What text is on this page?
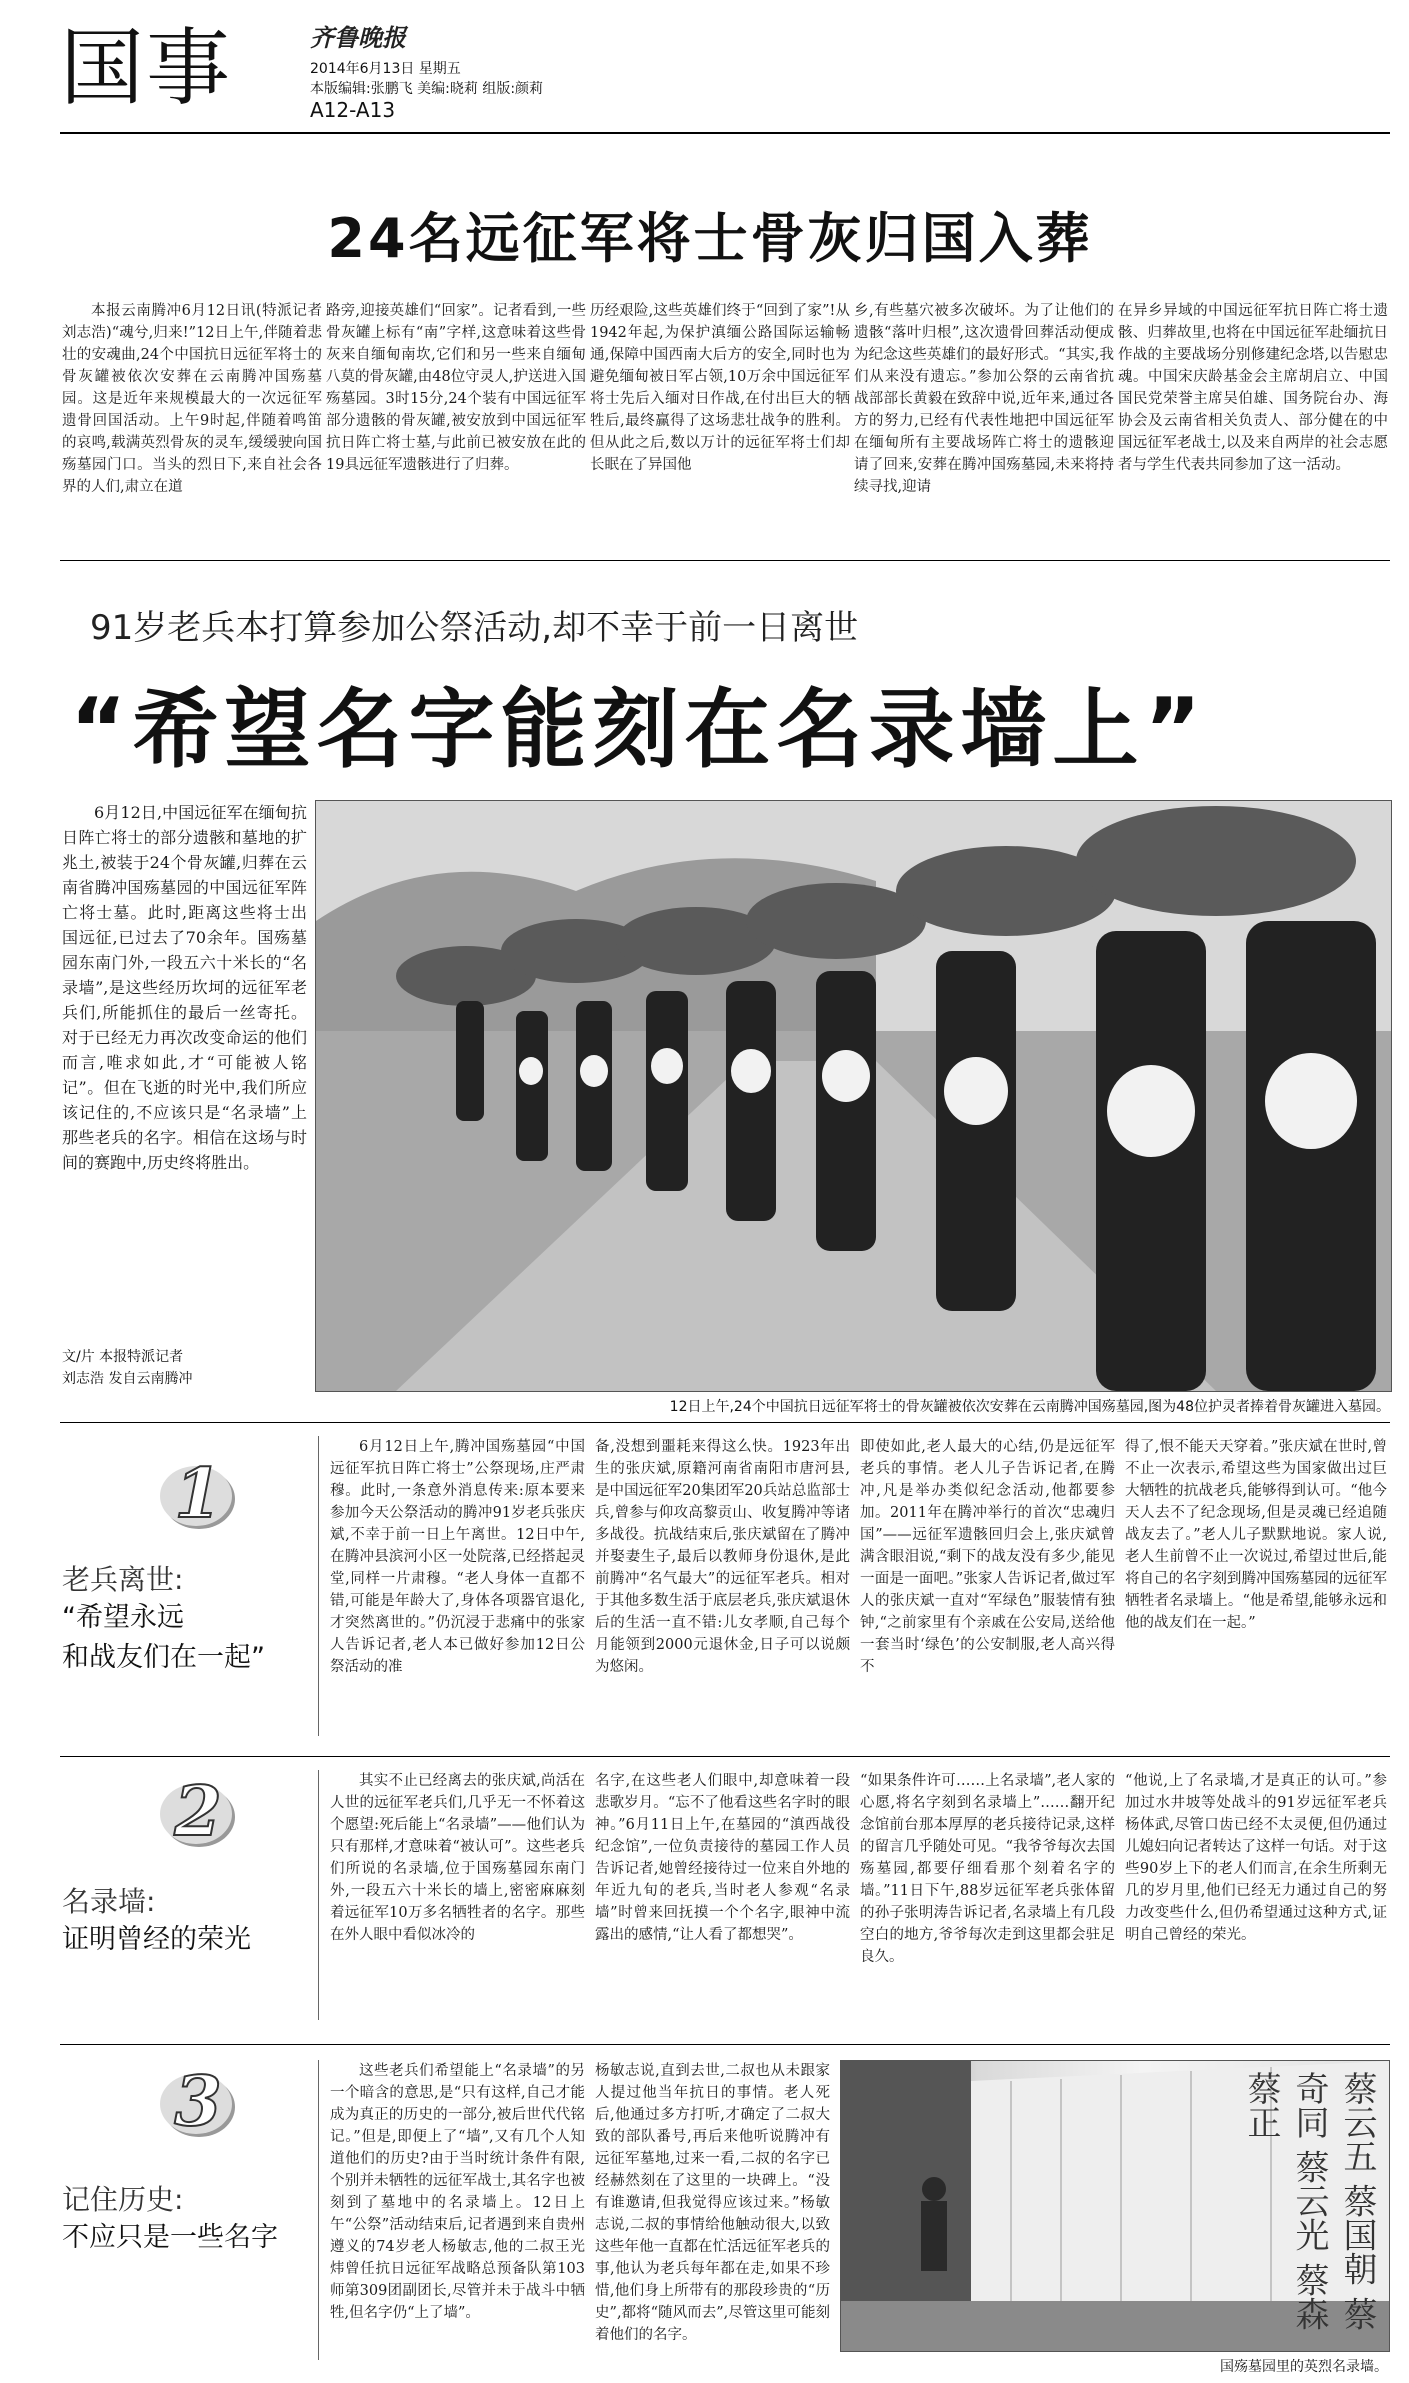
国事	齐鲁晚报
2014年6月13日 星期五
本版编辑:张鹏飞 美编:晓莉 组版:颜莉
A12-A13
24名远征军将士骨灰归国入葬
本报云南腾冲6月12日讯(特派记者 刘志浩)“魂兮,归来!”12日上午,伴随着悲壮的安魂曲,24个中国抗日远征军将士的骨灰罐被依次安葬在云南腾冲国殇墓园。这是近年来规模最大的一次远征军遗骨回国活动。上午9时起,伴随着鸣笛的哀鸣,载满英烈骨灰的灵车,缓缓驶向国殇墓园门口。当头的烈日下,来自社会各界的人们,肃立在道
路旁,迎接英雄们“回家”。记者看到,一些骨灰罐上标有“南”字样,这意味着这些骨灰来自缅甸南坎,它们和另一些来自缅甸八莫的骨灰罐,由48位守灵人,护送进入国殇墓园。3时15分,24个装有中国远征军部分遗骸的骨灰罐,被安放到中国远征军抗日阵亡将士墓,与此前已被安放在此的19具远征军遗骸进行了归葬。
历经艰险,这些英雄们终于“回到了家”!从1942年起,为保护滇缅公路国际运输畅通,保障中国西南大后方的安全,同时也为避免缅甸被日军占领,10万余中国远征军将士先后入缅对日作战,在付出巨大的牺牲后,最终赢得了这场悲壮战争的胜利。但从此之后,数以万计的远征军将士们却长眠在了异国他
乡,有些墓穴被多次破坏。为了让他们的遗骸“落叶归根”,这次遗骨回葬活动便成为纪念这些英雄们的最好形式。“其实,我们从来没有遗忘。”参加公祭的云南省抗战部部长黄毅在致辞中说,近年来,通过各方的努力,已经有代表性地把中国远征军在缅甸所有主要战场阵亡将士的遗骸迎请了回来,安葬在腾冲国殇墓园,未来将持续寻找,迎请
在异乡异域的中国远征军抗日阵亡将士遗骸、归葬故里,也将在中国远征军赴缅抗日作战的主要战场分别修建纪念塔,以告慰忠魂。中国宋庆龄基金会主席胡启立、中国国民党荣誉主席吴伯雄、国务院台办、海协会及云南省相关负责人、部分健在的中国远征军老战士,以及来自两岸的社会志愿者与学生代表共同参加了这一活动。
91岁老兵本打算参加公祭活动,却不幸于前一日离世
“希望名字能刻在名录墙上”
6月12日,中国远征军在缅甸抗日阵亡将士的部分遗骸和墓地的扩兆土,被装于24个骨灰罐,归葬在云南省腾冲国殇墓园的中国远征军阵亡将士墓。此时,距离这些将士出国远征,已过去了70余年。国殇墓园东南门外,一段五六十米长的“名录墙”,是这些经历坎坷的远征军老兵们,所能抓住的最后一丝寄托。对于已经无力再次改变命运的他们而言,唯求如此,才“可能被人铭记”。但在飞逝的时光中,我们所应该记住的,不应该只是“名录墙”上那些老兵的名字。相信在这场与时间的赛跑中,历史终将胜出。
文/片 本报特派记者
刘志浩 发自云南腾冲
12日上午,24个中国抗日远征军将士的骨灰罐被依次安葬在云南腾冲国殇墓园,图为48位护灵者捧着骨灰罐进入墓园。
1
老兵离世:
“希望永远
和战友们在一起”
6月12日上午,腾冲国殇墓园“中国远征军抗日阵亡将士”公祭现场,庄严肃穆。此时,一条意外消息传来:原本要来参加今天公祭活动的腾冲91岁老兵张庆斌,不幸于前一日上午离世。12日中午,在腾冲县滨河小区一处院落,已经搭起灵堂,同样一片肃穆。“老人身体一直都不错,可能是年龄大了,身体各项器官退化,才突然离世的。”仍沉浸于悲痛中的张家人告诉记者,老人本已做好参加12日公祭活动的准
备,没想到噩耗来得这么快。1923年出生的张庆斌,原籍河南省南阳市唐河县,是中国远征军20集团军20兵站总监部士兵,曾参与仰攻高黎贡山、收复腾冲等诸多战役。抗战结束后,张庆斌留在了腾冲并娶妻生子,最后以教师身份退休,是此前腾冲“名气最大”的远征军老兵。相对于其他多数生活于底层老兵,张庆斌退休后的生活一直不错:儿女孝顺,自己每个月能领到2000元退休金,日子可以说颇为悠闲。
即使如此,老人最大的心结,仍是远征军老兵的事情。老人儿子告诉记者,在腾冲,凡是举办类似纪念活动,他都要参加。2011年在腾冲举行的首次“忠魂归国”——远征军遗骸回归会上,张庆斌曾满含眼泪说,“剩下的战友没有多少,能见一面是一面吧。”张家人告诉记者,做过军人的张庆斌一直对“军绿色”服装情有独钟,“之前家里有个亲戚在公安局,送给他一套当时‘绿色’的公安制服,老人高兴得不
得了,恨不能天天穿着。”张庆斌在世时,曾不止一次表示,希望这些为国家做出过巨大牺牲的抗战老兵,能够得到认可。“他今天人去不了纪念现场,但是灵魂已经追随战友去了。”老人儿子默默地说。家人说,老人生前曾不止一次说过,希望过世后,能将自己的名字刻到腾冲国殇墓园的远征军牺牲者名录墙上。“他是希望,能够永远和他的战友们在一起。”
2
名录墙:
证明曾经的荣光
其实不止已经离去的张庆斌,尚活在人世的远征军老兵们,几乎无一不怀着这个愿望:死后能上“名录墙”——他们认为只有那样,才意味着“被认可”。这些老兵们所说的名录墙,位于国殇墓园东南门外,一段五六十米长的墙上,密密麻麻刻着远征军10万多名牺牲者的名字。那些在外人眼中看似冰冷的
名字,在这些老人们眼中,却意味着一段悲歌岁月。“忘不了他看这些名字时的眼神。”6月11日上午,在墓园的“滇西战役纪念馆”,一位负责接待的墓园工作人员告诉记者,她曾经接待过一位来自外地的年近九旬的老兵,当时老人参观“名录墙”时曾来回抚摸一个个名字,眼神中流露出的感情,“让人看了都想哭”。
“如果条件许可……上名录墙”,老人家的心愿,将名字刻到名录墙上”……翻开纪念馆前台那本厚厚的老兵接待记录,这样的留言几乎随处可见。“我爷爷每次去国殇墓园,都要仔细看那个刻着名字的墙。”11日下午,88岁远征军老兵张体留的孙子张明涛告诉记者,名录墙上有几段空白的地方,爷爷每次走到这里都会驻足良久。
“他说,上了名录墙,才是真正的认可。”参加过水井坡等处战斗的91岁远征军老兵杨体武,尽管口齿已经不太灵便,但仍通过儿媳妇向记者转达了这样一句话。对于这些90岁上下的老人们而言,在余生所剩无几的岁月里,他们已经无力通过自己的努力改变些什么,但仍希望通过这种方式,证明自己曾经的荣光。
3
记住历史:
不应只是一些名字
这些老兵们希望能上“名录墙”的另一个暗含的意思,是“只有这样,自己才能成为真正的历史的一部分,被后世代代铭记。”但是,即便上了“墙”,又有几个人知道他们的历史?由于当时统计条件有限,个别并未牺牲的远征军战士,其名字也被刻到了墓地中的名录墙上。12日上午“公祭”活动结束后,记者遇到来自贵州遵义的74岁老人杨敏志,他的二叔王光炜曾任抗日远征军战略总预备队第103师第309团副团长,尽管并未于战斗中牺牲,但名字仍“上了墙”。
杨敏志说,直到去世,二叔也从未跟家人提过他当年抗日的事情。老人死后,他通过多方打听,才确定了二叔大致的部队番号,再后来他听说腾冲有远征军墓地,过来一看,二叔的名字已经赫然刻在了这里的一块碑上。“没有谁邀请,但我觉得应该过来。”杨敏志说,二叔的事情给他触动很大,以致这些年他一直都在忙活远征军老兵的事,他认为老兵每年都在走,如果不珍惜,他们身上所带有的那段珍贵的“历史”,都将“随风而去”,尽管这里可能刻着他们的名字。
蔡云五 蔡国朝 蔡奇同 蔡云光 蔡森 蔡正
国殇墓园里的英烈名录墙。
